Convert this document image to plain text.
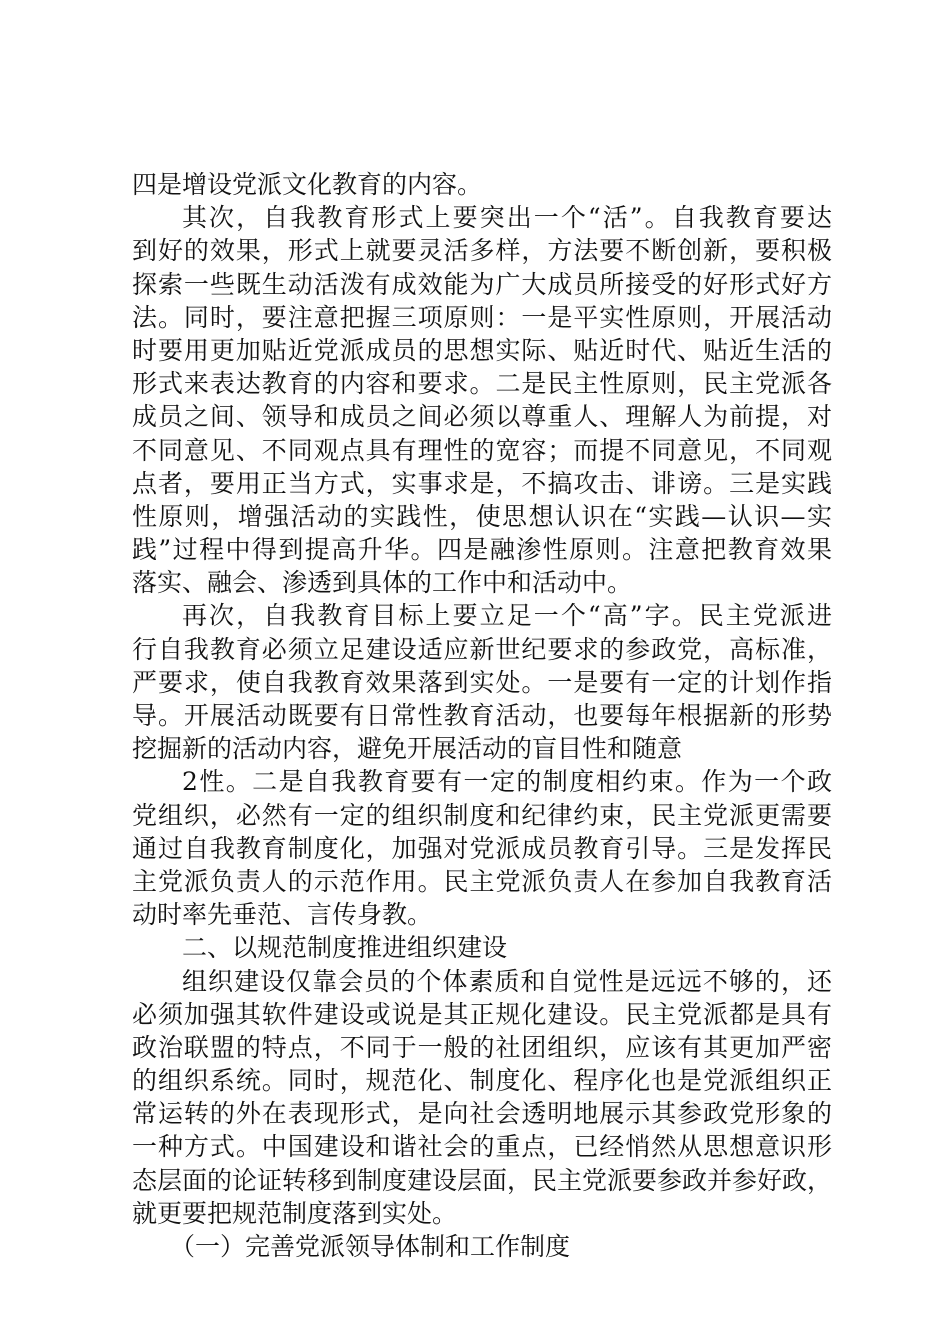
四是增设党派文化教育的内容。
其次，自我教育形式上要突出一个“活”。自我教育要达
到好的效果，形式上就要灵活多样，方法要不断创新，要积极
探索一些既生动活泼有成效能为广大成员所接受的好形式好方
法。同时，要注意把握三项原则：一是平实性原则，开展活动
时要用更加贴近党派成员的思想实际、贴近时代、贴近生活的
形式来表达教育的内容和要求。二是民主性原则，民主党派各
成员之间、领导和成员之间必须以尊重人、理解人为前提，对
不同意见、不同观点具有理性的宽容；而提不同意见，不同观
点者，要用正当方式，实事求是，不搞攻击、诽谤。三是实践
性原则，增强活动的实践性，使思想认识在“实践—认识—实
践”过程中得到提高升华。四是融渗性原则。注意把教育效果
落实、融会、渗透到具体的工作中和活动中。
再次，自我教育目标上要立足一个“高”字。民主党派进
行自我教育必须立足建设适应新世纪要求的参政党，高标准，
严要求，使自我教育效果落到实处。一是要有一定的计划作指
导。开展活动既要有日常性教育活动，也要每年根据新的形势
挖掘新的活动内容，避免开展活动的盲目性和随意
2性。二是自我教育要有一定的制度相约束。作为一个政
党组织，必然有一定的组织制度和纪律约束，民主党派更需要
通过自我教育制度化，加强对党派成员教育引导。三是发挥民
主党派负责人的示范作用。民主党派负责人在参加自我教育活
动时率先垂范、言传身教。
二、以规范制度推进组织建设
组织建设仅靠会员的个体素质和自觉性是远远不够的，还
必须加强其软件建设或说是其正规化建设。民主党派都是具有
政治联盟的特点，不同于一般的社团组织，应该有其更加严密
的组织系统。同时，规范化、制度化、程序化也是党派组织正
常运转的外在表现形式，是向社会透明地展示其参政党形象的
一种方式。中国建设和谐社会的重点，已经悄然从思想意识形
态层面的论证转移到制度建设层面，民主党派要参政并参好政，
就更要把规范制度落到实处。
（一）完善党派领导体制和工作制度
